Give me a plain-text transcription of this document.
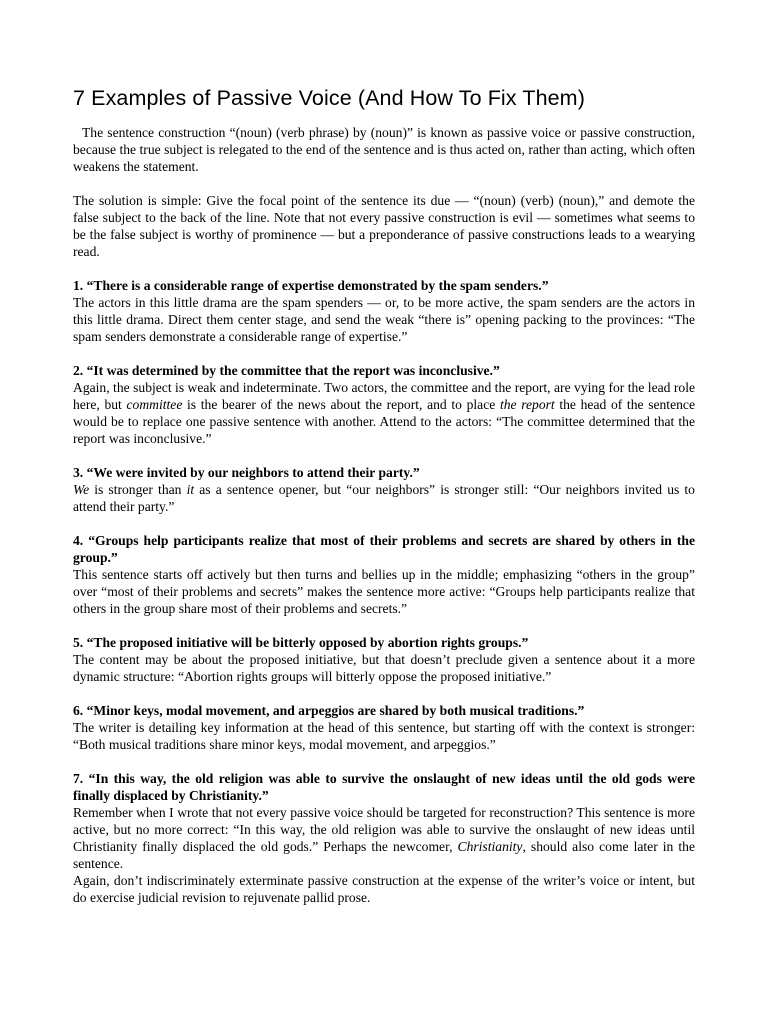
7 Examples of Passive Voice (And How To Fix Them)

The sentence construction “(noun) (verb phrase) by (noun)” is known as passive voice or passive construction, because the true subject is relegated to the end of the sentence and is thus acted on, rather than acting, which often weakens the statement.

The solution is simple: Give the focal point of the sentence its due — “(noun) (verb) (noun),” and demote the false subject to the back of the line. Note that not every passive construction is evil — sometimes what seems to be the false subject is worthy of prominence — but a preponderance of passive constructions leads to a wearying read.

1. “There is a considerable range of expertise demonstrated by the spam senders.”

The actors in this little drama are the spam spenders — or, to be more active, the spam senders are the actors in this little drama. Direct them center stage, and send the weak “there is” opening packing to the provinces: “The spam senders demonstrate a considerable range of expertise.”

2. “It was determined by the committee that the report was inconclusive.”

Again, the subject is weak and indeterminate. Two actors, the committee and the report, are vying for the lead role here, but committee is the bearer of the news about the report, and to place the report the head of the sentence would be to replace one passive sentence with another. Attend to the actors: “The committee determined that the report was inconclusive.”

3. “We were invited by our neighbors to attend their party.”

We is stronger than it as a sentence opener, but “our neighbors” is stronger still: “Our neighbors invited us to attend their party.”

4. “Groups help participants realize that most of their problems and secrets are shared by others in the group.”

This sentence starts off actively but then turns and bellies up in the middle; emphasizing “others in the group” over “most of their problems and secrets” makes the sentence more active: “Groups help participants realize that others in the group share most of their problems and secrets.”

5. “The proposed initiative will be bitterly opposed by abortion rights groups.”

The content may be about the proposed initiative, but that doesn’t preclude given a sentence about it a more dynamic structure: “Abortion rights groups will bitterly oppose the proposed initiative.”

6. “Minor keys, modal movement, and arpeggios are shared by both musical traditions.”

The writer is detailing key information at the head of this sentence, but starting off with the context is stronger: “Both musical traditions share minor keys, modal movement, and arpeggios.”

7. “In this way, the old religion was able to survive the onslaught of new ideas until the old gods were finally displaced by Christianity.”

Remember when I wrote that not every passive voice should be targeted for reconstruction? This sentence is more active, but no more correct: “In this way, the old religion was able to survive the onslaught of new ideas until Christianity finally displaced the old gods.” Perhaps the newcomer, Christianity, should also come later in the sentence.

Again, don’t indiscriminately exterminate passive construction at the expense of the writer’s voice or intent, but do exercise judicial revision to rejuvenate pallid prose.
